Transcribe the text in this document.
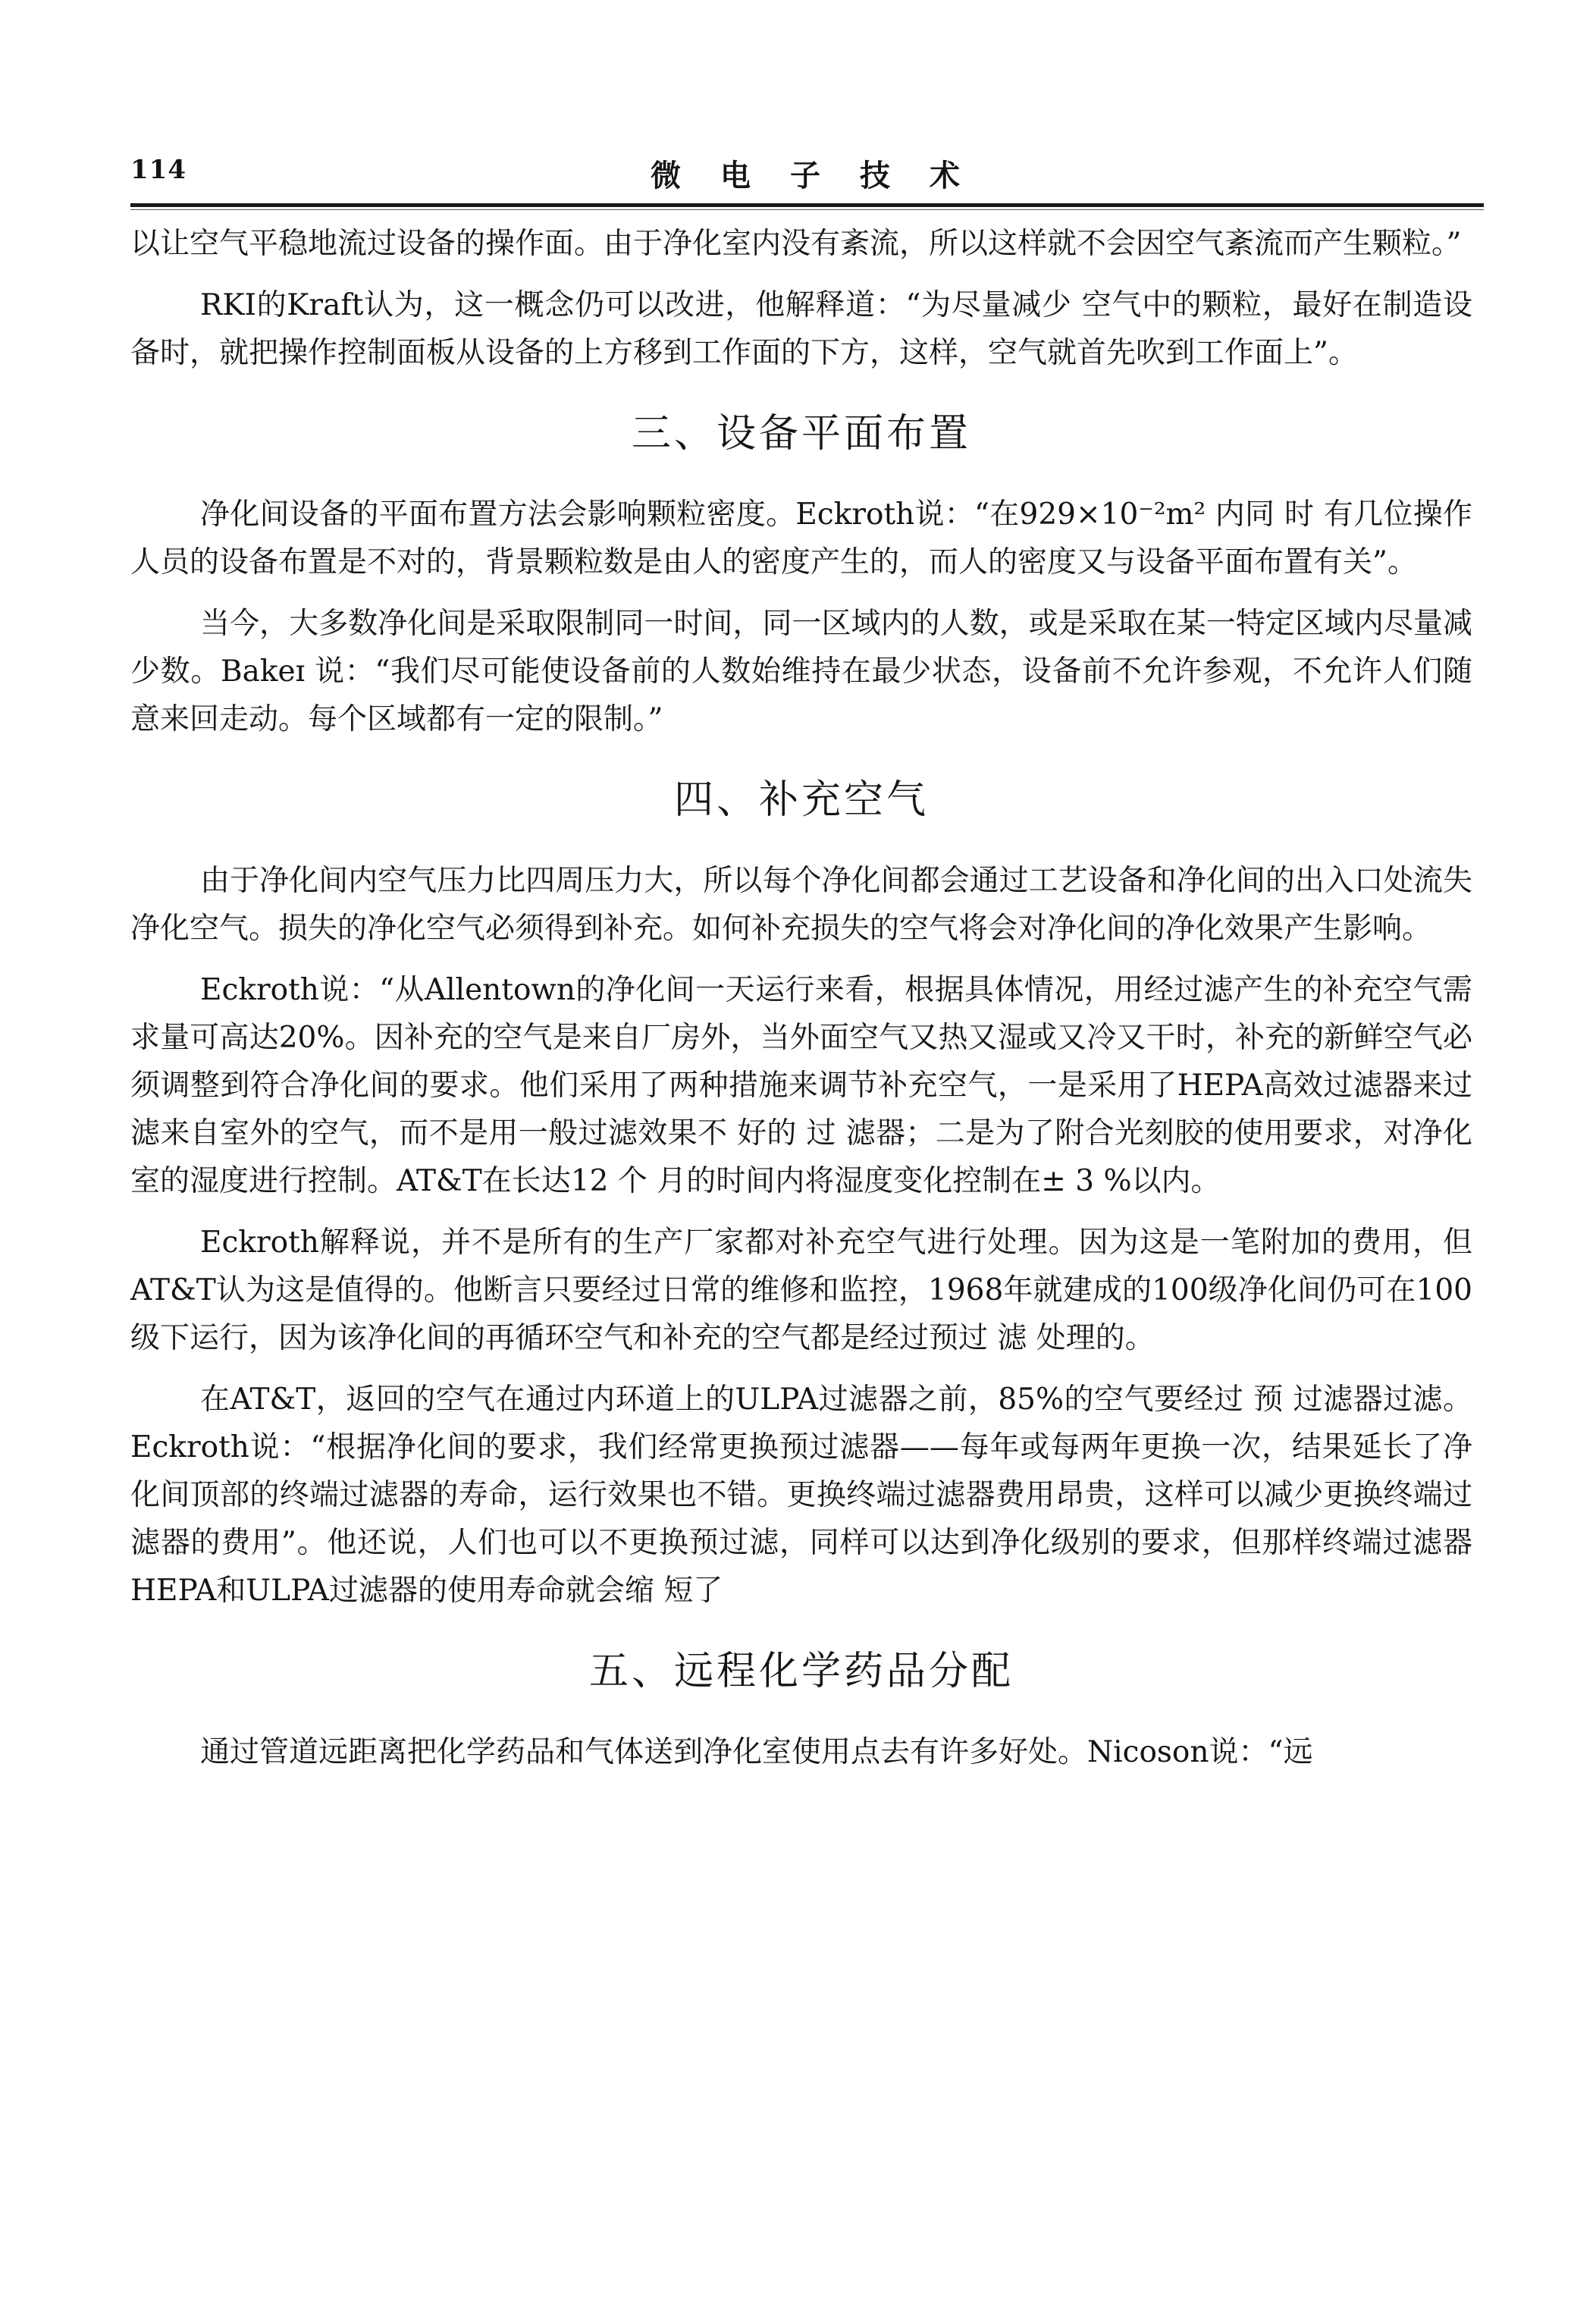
114	微电子技术

以让空气平稳地流过设备的操作面。由于净化室内没有紊流，所以这样就不会因空气紊流而产生颗粒。”

RKI的Kraft认为，这一概念仍可以改进，他解释道：“为尽量减少 空气中的颗粒，最好在制造设备时，就把操作控制面板从设备的上方移到工作面的下方，这样，空气就首先吹到工作面上”。

三、设备平面布置

净化间设备的平面布置方法会影响颗粒密度。Eckroth说：“在929×10⁻²m² 内同 时 有几位操作人员的设备布置是不对的，背景颗粒数是由人的密度产生的，而人的密度又与设备平面布置有关”。

当今，大多数净化间是采取限制同一时间，同一区域内的人数，或是采取在某一特定区域内尽量减少数。Bakeɪ 说：“我们尽可能使设备前的人数始维持在最少状态，设备前不允许参观，不允许人们随意来回走动。每个区域都有一定的限制。”

四、补充空气

由于净化间内空气压力比四周压力大，所以每个净化间都会通过工艺设备和净化间的出入口处流失净化空气。损失的净化空气必须得到补充。如何补充损失的空气将会对净化间的净化效果产生影响。

Eckroth说：“从Allentown的净化间一天运行来看，根据具体情况，用经过滤产生的补充空气需求量可高达20%。因补充的空气是来自厂房外，当外面空气又热又湿或又冷又干时，补充的新鲜空气必须调整到符合净化间的要求。他们采用了两种措施来调节补充空气，一是采用了HEPA高效过滤器来过滤来自室外的空气，而不是用一般过滤效果不 好的 过 滤器；二是为了附合光刻胶的使用要求，对净化室的湿度进行控制。AT&T在长达12 个 月的时间内将湿度变化控制在± 3 %以内。

Eckroth解释说，并不是所有的生产厂家都对补充空气进行处理。因为这是一笔附加的费用，但AT&T认为这是值得的。他断言只要经过日常的维修和监控，1968年就建成的100级净化间仍可在100级下运行，因为该净化间的再循环空气和补充的空气都是经过预过 滤 处理的。

在AT&T，返回的空气在通过内环道上的ULPA过滤器之前，85%的空气要经过 预 过滤器过滤。Eckroth说：“根据净化间的要求，我们经常更换预过滤器——每年或每两年更换一次，结果延长了净化间顶部的终端过滤器的寿命，运行效果也不错。更换终端过滤器费用昂贵，这样可以减少更换终端过滤器的费用”。他还说，人们也可以不更换预过滤，同样可以达到净化级别的要求，但那样终端过滤器HEPA和ULPA过滤器的使用寿命就会缩 短了

五、远程化学药品分配

通过管道远距离把化学药品和气体送到净化室使用点去有许多好处。Nicoson说：“远
